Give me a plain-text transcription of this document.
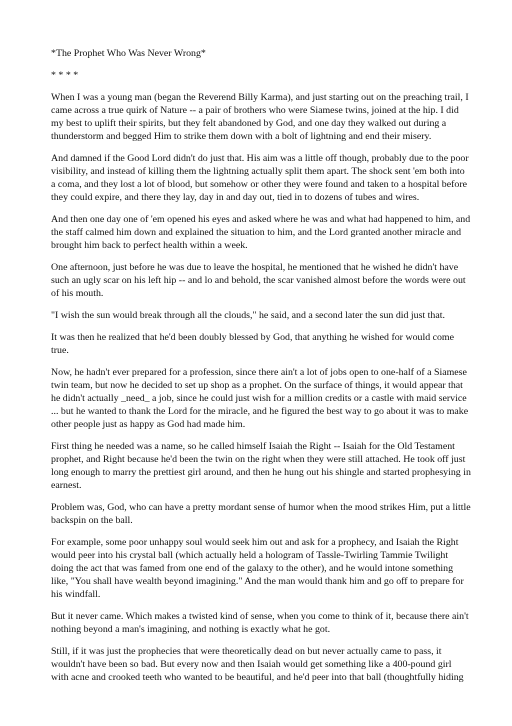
*The Prophet Who Was Never Wrong*

* * * *

When I was a young man (began the Reverend Billy Karma), and just starting out on the preaching trail, I came across a true quirk of Nature -- a pair of brothers who were Siamese twins, joined at the hip. I did my best to uplift their spirits, but they felt abandoned by God, and one day they walked out during a thunderstorm and begged Him to strike them down with a bolt of lightning and end their misery.

And damned if the Good Lord didn't do just that. His aim was a little off though, probably due to the poor visibility, and instead of killing them the lightning actually split them apart. The shock sent 'em both into a coma, and they lost a lot of blood, but somehow or other they were found and taken to a hospital before they could expire, and there they lay, day in and day out, tied in to dozens of tubes and wires.

And then one day one of 'em opened his eyes and asked where he was and what had happened to him, and the staff calmed him down and explained the situation to him, and the Lord granted another miracle and brought him back to perfect health within a week.

One afternoon, just before he was due to leave the hospital, he mentioned that he wished he didn't have such an ugly scar on his left hip -- and lo and behold, the scar vanished almost before the words were out of his mouth.

"I wish the sun would break through all the clouds," he said, and a second later the sun did just that.

It was then he realized that he'd been doubly blessed by God, that anything he wished for would come true.

Now, he hadn't ever prepared for a profession, since there ain't a lot of jobs open to one-half of a Siamese twin team, but now he decided to set up shop as a prophet. On the surface of things, it would appear that he didn't actually _need_ a job, since he could just wish for a million credits or a castle with maid service ... but he wanted to thank the Lord for the miracle, and he figured the best way to go about it was to make other people just as happy as God had made him.

First thing he needed was a name, so he called himself Isaiah the Right -- Isaiah for the Old Testament prophet, and Right because he'd been the twin on the right when they were still attached. He took off just long enough to marry the prettiest girl around, and then he hung out his shingle and started prophesying in earnest.

Problem was, God, who can have a pretty mordant sense of humor when the mood strikes Him, put a little backspin on the ball.

For example, some poor unhappy soul would seek him out and ask for a prophecy, and Isaiah the Right would peer into his crystal ball (which actually held a hologram of Tassle-Twirling Tammie Twilight doing the act that was famed from one end of the galaxy to the other), and he would intone something like, "You shall have wealth beyond imagining." And the man would thank him and go off to prepare for his windfall.

But it never came. Which makes a twisted kind of sense, when you come to think of it, because there ain't nothing beyond a man's imagining, and nothing is exactly what he got.

Still, if it was just the prophecies that were theoretically dead on but never actually came to pass, it wouldn't have been so bad. But every now and then Isaiah would get something like a 400-pound girl with acne and crooked teeth who wanted to be beautiful, and he'd peer into that ball (thoughtfully hiding
